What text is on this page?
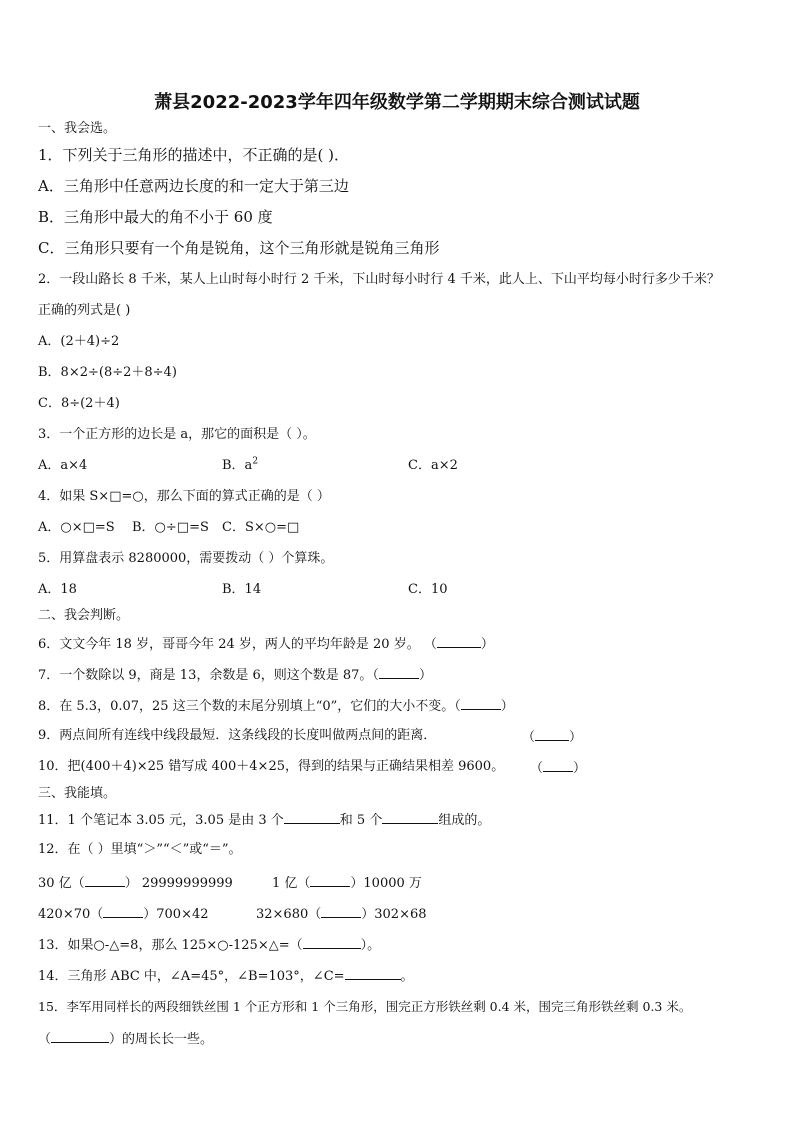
萧县2022-2023学年四年级数学第二学期期末综合测试试题
一、我会选。
1．下列关于三角形的描述中，不正确的是( )．
A．三角形中任意两边长度的和一定大于第三边
B．三角形中最大的角不小于 60 度
C．三角形只要有一个角是锐角，这个三角形就是锐角三角形
2．一段山路长 8 千米，某人上山时每小时行 2 千米，下山时每小时行 4 千米，此人上、下山平均每小时行多少千米？
正确的列式是( )
A．(2＋4)÷2
B．8×2÷(8÷2＋8÷4)
C．8÷(2＋4)
3．一个正方形的边长是 a，那它的面积是（ ）。
A．a×4	B．$a^2$	C．a×2
4．如果 S×□=○，那么下面的算式正确的是（ ）
A．○×□=S B．○÷□=S C．S×○=□
5．用算盘表示 8280000，需要拨动（ ）个算珠。
A．18	B．14	C．10
二、我会判断。
6．文文今年 18 岁，哥哥今年 24 岁，两人的平均年龄是 20 岁。 （	）
7．一个数除以 9，商是 13，余数是 6，则这个数是 87。（	）
8．在 5.3，0.07，25 这三个数的末尾分别填上“0”，它们的大小不变。（	）
9．两点间所有连线中线段最短．这条线段的长度叫做两点间的距离．	（	）
10．把(400＋4)×25 错写成 400＋4×25，得到的结果与正确结果相差 9600。 （ ）
三、我能填。
11．1 个笔记本 3.05 元，3.05 是由 3 个	和 5 个	组成的。
12．在（ ）里填“＞”“＜”或“＝”。
30 亿（	） 29999999999	1 亿（	）10000 万
420×70（	）700×42	32×680（	）302×68
13．如果○-△=8，那么 125×○-125×△=（	）。
14．三角形 ABC 中，∠A=45°，∠B=103°，∠C=	。
15．李军用同样长的两段细铁丝围 1 个正方形和 1 个三角形，围完正方形铁丝剩 0.4 米，围完三角形铁丝剩 0.3 米。
（	）的周长长一些。
